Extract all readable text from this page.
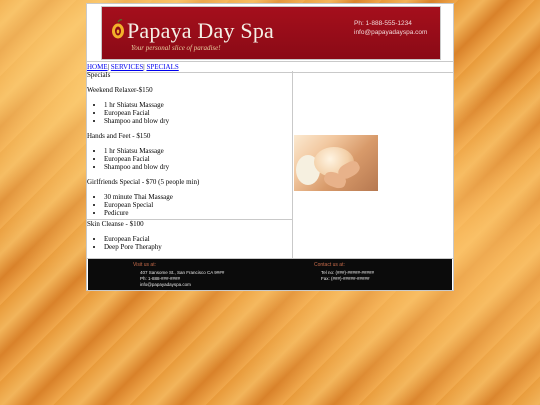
Papaya Day Spa
Your personal slice of paradise!
Ph: 1-888-555-1234
info@papayadayspa.com
HOME| SERVICES| SPECIALS

Specials

Weekend Relaxer-$150

• 1 hr Shiatsu Massage
• European Facial
• Shampoo and blow dry

Hands and Feet - $150

• 1 hr Shiatsu Massage
• European Facial
• Shampoo and blow dry

Girlfriends Special - $70 (5 people min)

• 30 minute Thai Massage
• European Special
• Pedicure

Skin Cleanse - $100

• European Facial
• Deep Pore Theraphy
Visit us at:
407 Sansome St., San Francisco CA 9###
Ph: 1-888-###-####
info@papayadayspa.com
Contact us at:
Tel no: (###)-#####-#####
Fax: (###)-#####-#####
